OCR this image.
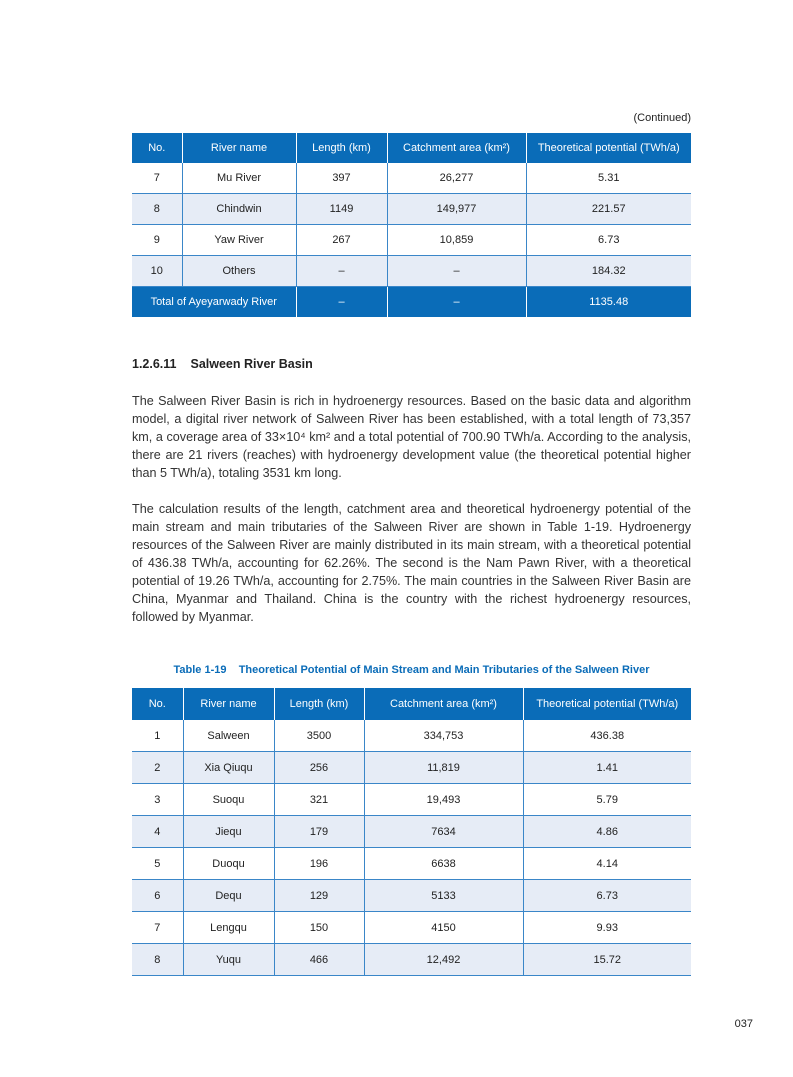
(Continued)
No.	River name	Length (km)	Catchment area (km²)	Theoretical potential (TWh/a)
7	Mu River	397	26,277	5.31
8	Chindwin	1149	149,977	221.57
9	Yaw River	267	10,859	6.73
10	Others	–	–	184.32
Total of Ayeyarwady River		–	–	1135.48
1.2.6.11 Salween River Basin

The Salween River Basin is rich in hydroenergy resources. Based on the basic data and algorithm model, a digital river network of Salween River has been established, with a total length of 73,357 km, a coverage area of 33×10⁴ km² and a total potential of 700.90 TWh/a. According to the analysis, there are 21 rivers (reaches) with hydroenergy development value (the theoretical potential higher than 5 TWh/a), totaling 3531 km long.

The calculation results of the length, catchment area and theoretical hydroenergy potential of the main stream and main tributaries of the Salween River are shown in Table 1-19. Hydroenergy resources of the Salween River are mainly distributed in its main stream, with a theoretical potential of 436.38 TWh/a, accounting for 62.26%. The second is the Nam Pawn River, with a theoretical potential of 19.26 TWh/a, accounting for 2.75%. The main countries in the Salween River Basin are China, Myanmar and Thailand. China is the country with the richest hydroenergy resources, followed by Myanmar.

Table 1-19    Theoretical Potential of Main Stream and Main Tributaries of the Salween River
No.	River name	Length (km)	Catchment area (km²)	Theoretical potential (TWh/a)
1	Salween	3500	334,753	436.38
2	Xia Qiuqu	256	11,819	1.41
3	Suoqu	321	19,493	5.79
4	Jiequ	179	7634	4.86
5	Duoqu	196	6638	4.14
6	Dequ	129	5133	6.73
7	Lengqu	150	4150	9.93
8	Yuqu	466	12,492	15.72
037
